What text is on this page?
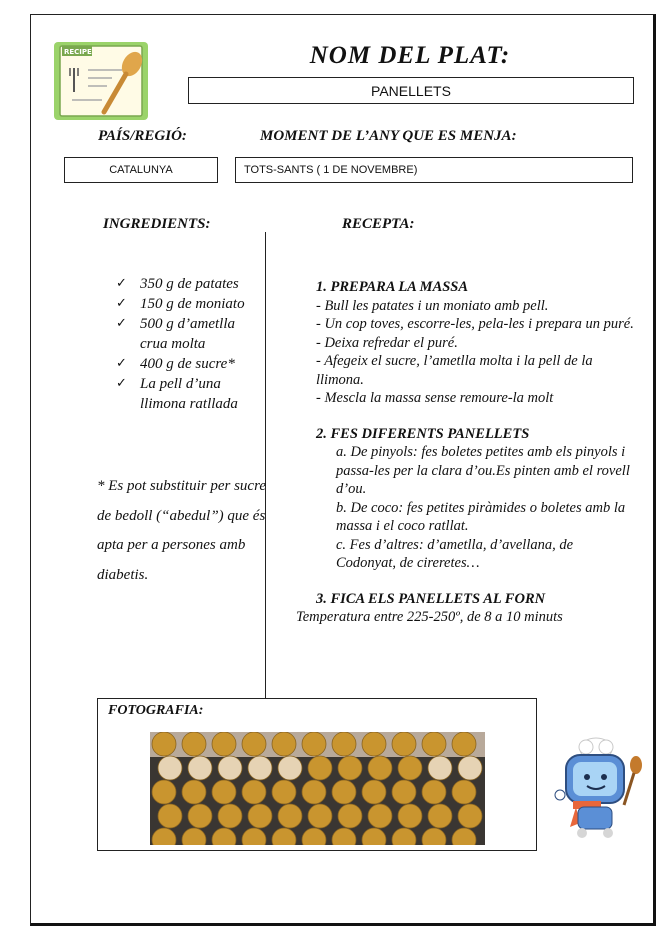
RECIPE	NOM DEL PLAT:
PANELLETS
PAÍS/REGIÓ:	MOMENT DE L’ANY QUE ES MENJA:
CATALUNYA	TOTS-SANTS ( 1 DE NOVEMBRE)
INGREDIENTS:	RECEPTA:
✓ 350 g de patates
✓ 150 g de moniato
✓ 500 g d’ametlla crua molta
✓ 400 g de sucre*
✓ La pell d’una llimona ratllada
* Es pot substituir per sucre de bedoll (“abedul”) que és apta per a persones amb diabetis.

1. PREPARA LA MASSA

- Bull les patates i un moniato amb pell.

- Un cop toves, escorre-les, pela-les i prepara un puré.

- Deixa refredar el puré.

- Afegeix el sucre, l’ametlla molta i la pell de la llimona.

- Mescla la massa sense remoure-la molt

2. FES DIFERENTS PANELLETS

a. De pinyols: fes boletes petites amb els pinyols i passa-les per la clara d’ou.Es pinten amb el rovell d’ou.

b. De coco: fes petites piràmides o boletes amb la massa i el coco ratllat.

c. Fes d’altres: d’ametlla, d’avellana, de Codonyat, de cireretes…

3. FICA ELS PANELLETS AL FORN

Temperatura entre 225-250º, de 8 a 10 minuts

FOTOGRAFIA:
